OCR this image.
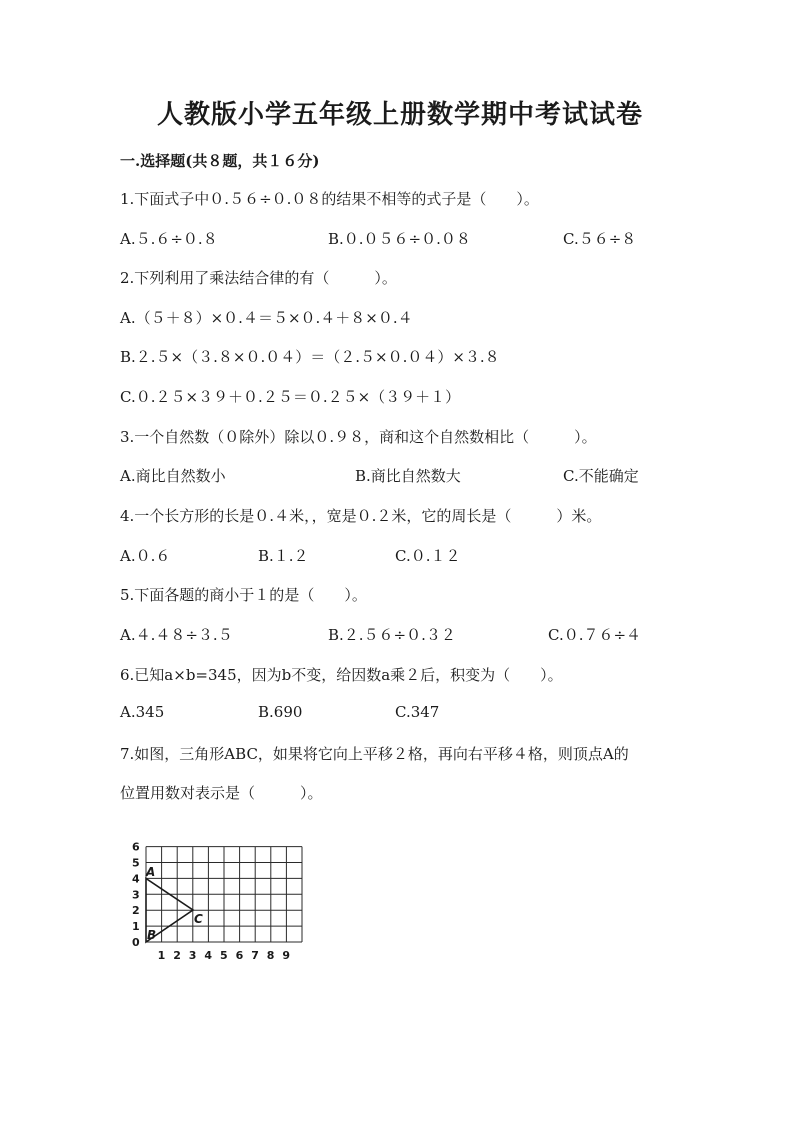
人教版小学五年级上册数学期中考试试卷
一.选择题(共８题，共１６分)
1.下面式子中０.５６÷０.０８的结果不相等的式子是（　　）。
A.５.６÷０.８	B.０.０５６÷０.０８	C.５６÷８
2.下列利用了乘法结合律的有（　　　）。
A.（５＋８）×０.４＝５×０.４＋８×０.４
B.２.５×（３.８×０.０４）＝（２.５×０.０４）×３.８
C.０.２５×３９＋０.２５＝０.２５×（３９＋１）
3.一个自然数（０除外）除以０.９８，商和这个自然数相比（　　　）。
A.商比自然数小	B.商比自然数大	C.不能确定
4.一个长方形的长是０.４米，，宽是０.２米，它的周长是（　　　）米。
A.０.６	B.１.２	C.０.１２
5.下面各题的商小于１的是（　　）。
A.４.４８÷３.５	B.２.５６÷０.３２	C.０.７６÷４
6.已知a×b=345，因为b不变，给因数a乘２后，积变为（　　）。
A.345	B.690	C.347
7.如图，三角形ABC，如果将它向上平移２格，再向右平移４格，则顶点A的
位置用数对表示是（　　　）。
0
1
2
3
4
5
6
1 2 3 4 5 6 7 8 9
A
B
C
